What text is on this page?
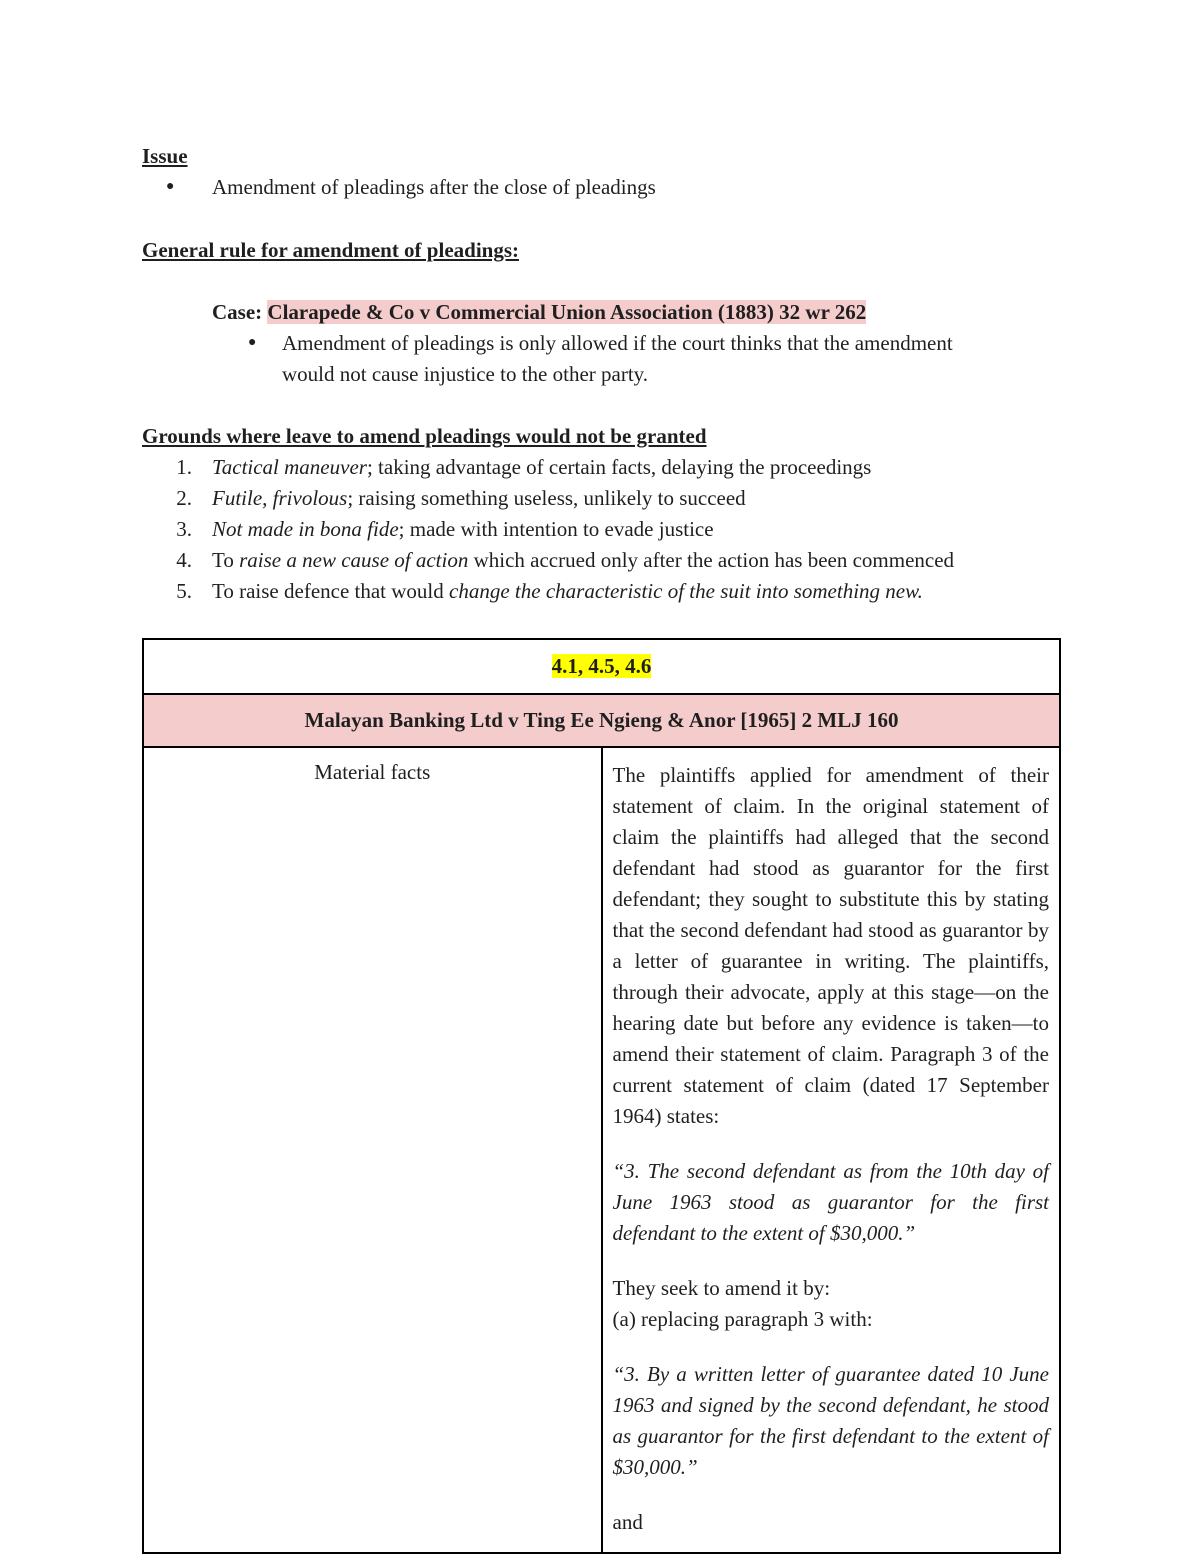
Issue
● Amendment of pleadings after the close of pleadings
General rule for amendment of pleadings:
Case: Clarapede & Co v Commercial Union Association (1883) 32 wr 262
● Amendment of pleadings is only allowed if the court thinks that the amendment
would not cause injustice to the other party.
Grounds where leave to amend pleadings would not be granted
1. Tactical maneuver; taking advantage of certain facts, delaying the proceedings
2. Futile, frivolous; raising something useless, unlikely to succeed
3. Not made in bona fide; made with intention to evade justice
4. To raise a new cause of action which accrued only after the action has been commenced
5. To raise defence that would change the characteristic of the suit into something new.
4.1, 4.5, 4.6
Malayan Banking Ltd v Ting Ee Ngieng & Anor [1965] 2 MLJ 160
Material facts	The plaintiffs applied for amendment of their statement of claim. In the original statement of claim the plaintiffs had alleged that the second defendant had stood as guarantor for the first defendant; they sought to substitute this by stating that the second defendant had stood as guarantor by a letter of guarantee in writing. The plaintiffs, through their advocate, apply at this stage—on the hearing date but before any evidence is taken—to amend their statement of claim. Paragraph 3 of the current statement of claim (dated 17 September 1964) states:

“3. The second defendant as from the 10th day of June 1963 stood as guarantor for the first defendant to the extent of $30,000.”

They seek to amend it by:

(a) replacing paragraph 3 with:

“3. By a written letter of guarantee dated 10 June 1963 and signed by the second defendant, he stood as guarantor for the first defendant to the extent of $30,000.”

and
